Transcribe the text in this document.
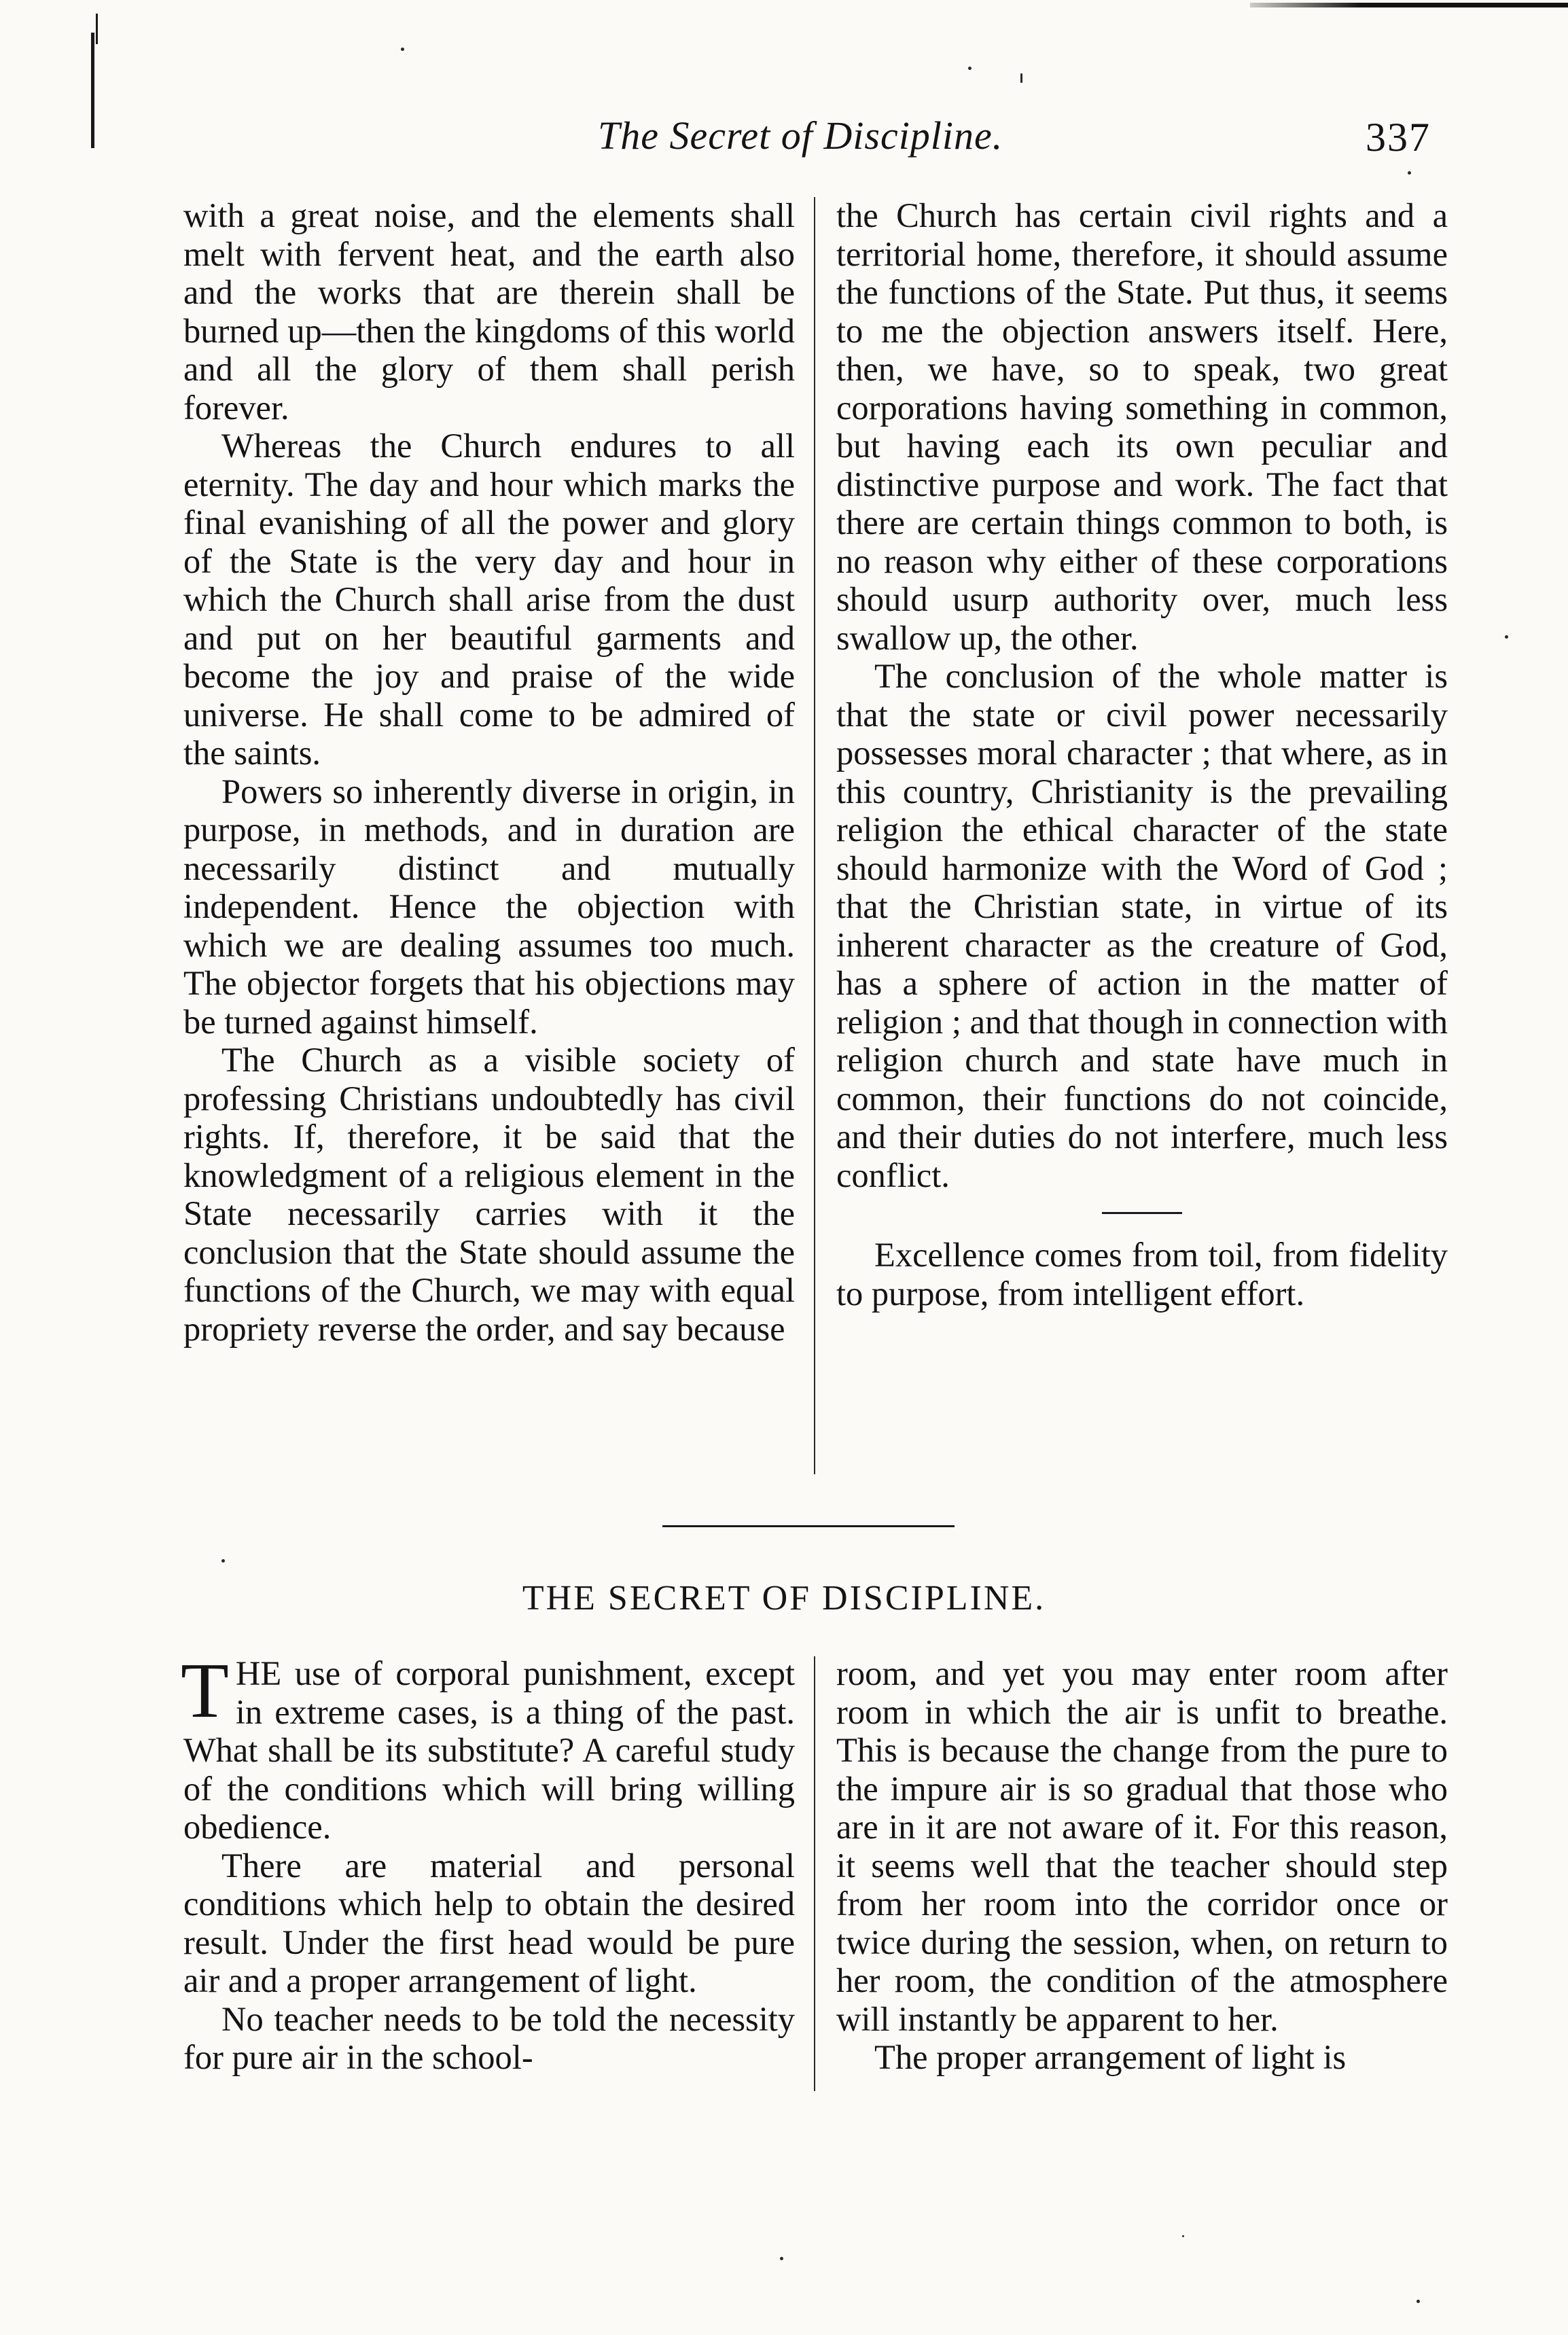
The Secret of Discipline.	337

with a great noise, and the elements shall melt with fervent heat, and the earth also and the works that are therein shall be burned up—then the kingdoms of this world and all the glory of them shall perish forever.

Whereas the Church endures to all eternity. The day and hour which marks the final evanishing of all the power and glory of the State is the very day and hour in which the Church shall arise from the dust and put on her beautiful garments and become the joy and praise of the wide universe. He shall come to be admired of the saints.

Powers so inherently diverse in origin, in purpose, in methods, and in duration are necessarily distinct and mutually independent. Hence the objection with which we are dealing assumes too much. The objector forgets that his objections may be turned against himself.

The Church as a visible society of professing Christians undoubtedly has civil rights. If, therefore, it be said that the knowledgment of a religious element in the State necessarily carries with it the conclusion that the State should assume the functions of the Church, we may with equal propriety reverse the order, and say because

the Church has certain civil rights and a territorial home, therefore, it should assume the functions of the State. Put thus, it seems to me the objection answers itself. Here, then, we have, so to speak, two great corporations having something in common, but having each its own peculiar and distinctive purpose and work. The fact that there are certain things common to both, is no reason why either of these corporations should usurp authority over, much less swallow up, the other.

The conclusion of the whole matter is that the state or civil power necessarily possesses moral character ; that where, as in this country, Christianity is the prevailing religion the ethical character of the state should harmonize with the Word of God ; that the Christian state, in virtue of its inherent character as the creature of God, has a sphere of action in the matter of religion ; and that though in connection with religion church and state have much in common, their functions do not coincide, and their duties do not interfere, much less conflict.

Excellence comes from toil, from fidelity to purpose, from intelligent effort.

THE SECRET OF DISCIPLINE.

THE use of corporal punishment, except in extreme cases, is a thing of the past. What shall be its substitute? A careful study of the conditions which will bring willing obedience.

There are material and personal conditions which help to obtain the desired result. Under the first head would be pure air and a proper arrangement of light.

No teacher needs to be told the necessity for pure air in the school-

room, and yet you may enter room after room in which the air is unfit to breathe. This is because the change from the pure to the impure air is so gradual that those who are in it are not aware of it. For this reason, it seems well that the teacher should step from her room into the corridor once or twice during the session, when, on return to her room, the condition of the atmosphere will instantly be apparent to her.

The proper arrangement of light is
